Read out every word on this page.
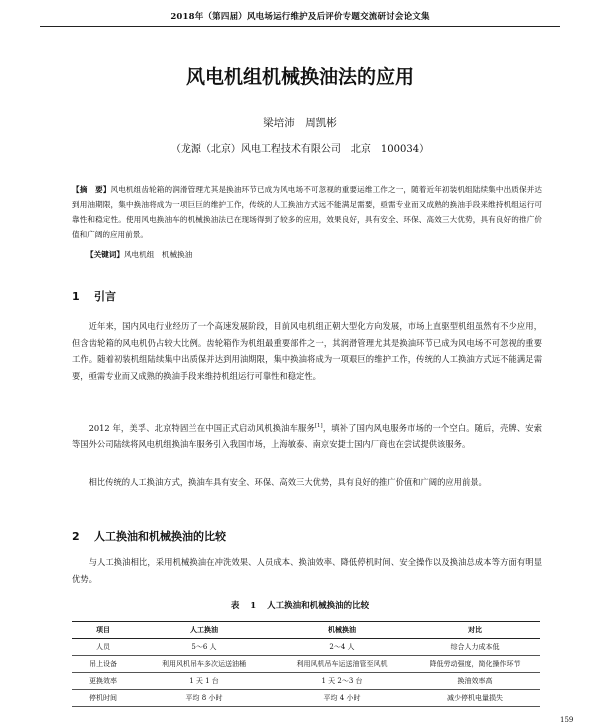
2018年（第四届）风电场运行维护及后评价专题交流研讨会论文集
风电机组机械换油法的应用
梁培沛　周凯彬
（龙源（北京）风电工程技术有限公司　北京　100034）
【摘　要】风电机组齿轮箱的润滑管理尤其是换油环节已成为风电场不可忽视的重要运维工作之一，随着近年初装机组陆续集中出质保并达到用油期限，集中换油将成为一项巨巨的维护工作，传统的人工换油方式远不能满足需要，亟需专业而又成熟的换油手段来维持机组运行可靠性和稳定性。使用风电换油车的机械换油法已在现场得到了较多的应用，效果良好，具有安全、环保、高效三大优势，具有良好的推广价值和广阔的应用前景。
【关键词】风电机组　机械换油
1 引言
近年来，国内风电行业经历了一个高速发展阶段，目前风电机组正朝大型化方向发展，市场上直驱型机组虽然有不少应用，但含齿轮箱的风电机仍占较大比例。齿轮箱作为机组最重要部件之一，其润滑管理尤其是换油环节已成为风电场不可忽视的重要工作。随着初装机组陆续集中出质保并达到用油期限，集中换油将成为一项艰巨的维护工作，传统的人工换油方式远不能满足需要，亟需专业而又成熟的换油手段来维持机组运行可靠性和稳定性。
2012 年，美孚、北京特固兰在中国正式启动风机换油车服务[1]，填补了国内风电服务市场的一个空白。随后，壳牌、安索等国外公司陆续将风电机组换油车服务引入我国市场，上海敏泰、南京安捷士国内厂商也在尝试提供该服务。
相比传统的人工换油方式，换油车具有安全、环保、高效三大优势，具有良好的推广价值和广阔的应用前景。
2 人工换油和机械换油的比较
与人工换油相比，采用机械换油在冲洗效果、人员成本、换油效率、降低停机时间、安全操作以及换油总成本等方面有明显优势。
表 1 人工换油和机械换油的比较
项目	人工换油	机械换油	对比
人员	5～6 人	2～4 人	综合人力成本低
吊上设备	利用风机吊车多次运送油桶	利用风机吊车运送油管至风机	降低劳动强度，简化操作环节
更换效率	1 天 1 台	1 天 2～3 台	换油效率高
停机时间	平均 8 小时	平均 4 小时	减少停机电量损失
159
